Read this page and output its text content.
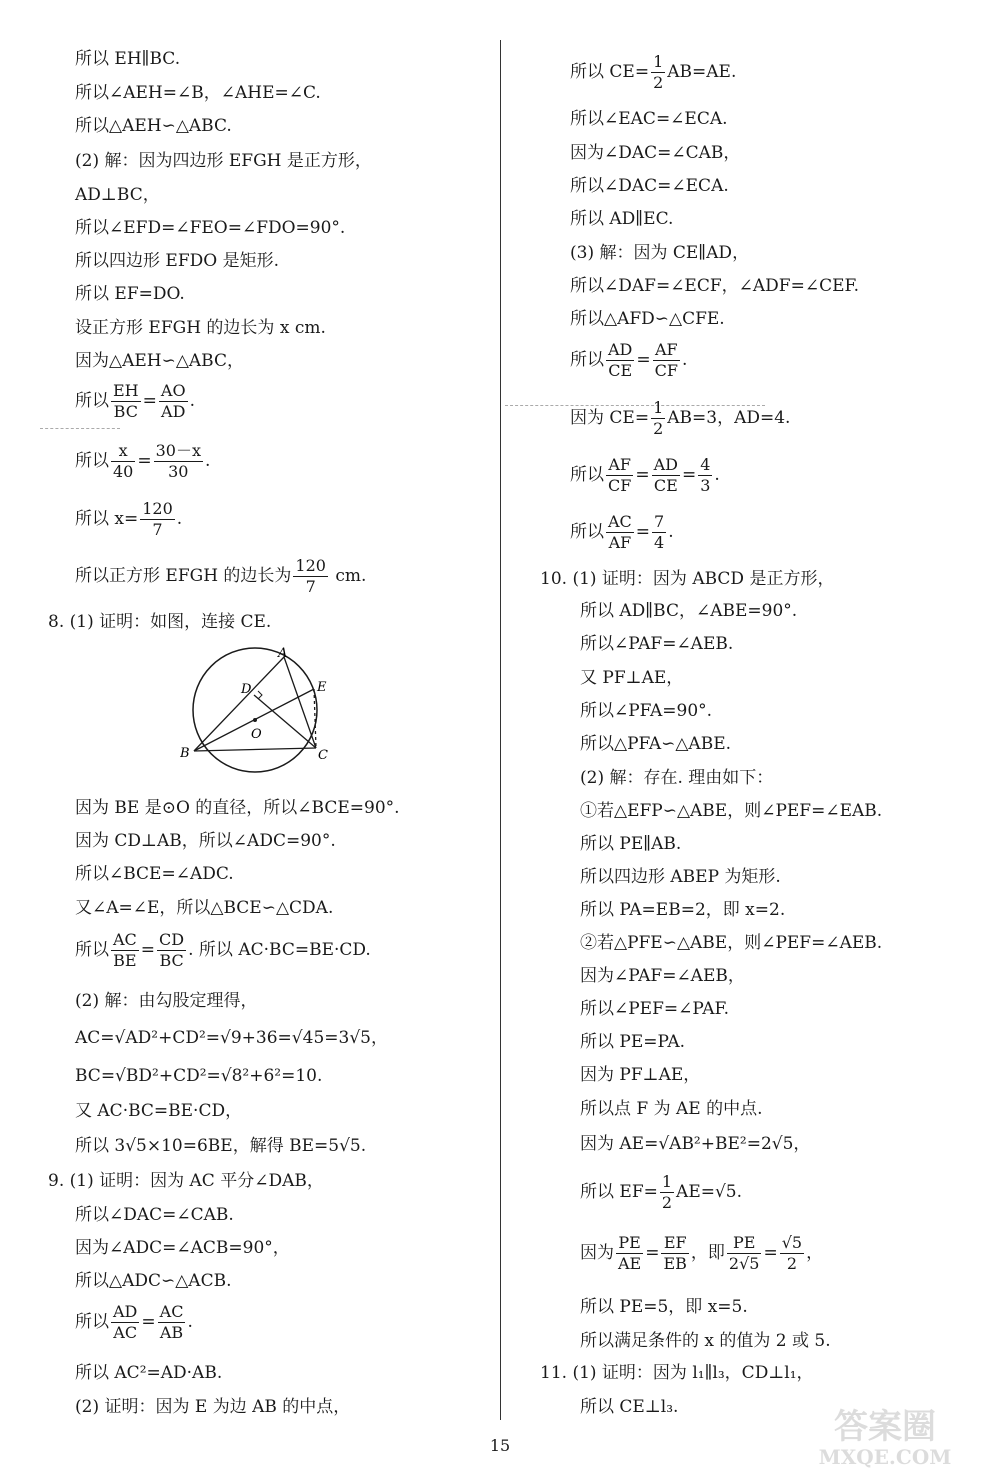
所以 EH∥BC.
所以∠AEH=∠B，∠AHE=∠C.
所以△AEH∽△ABC.
(2) 解：因为四边形 EFGH 是正方形，
AD⊥BC，
所以∠EFD=∠FEO=∠FDO=90°.
所以四边形 EFDO 是矩形.
所以 EF=DO.
设正方形 EFGH 的边长为 x cm.
因为△AEH∽△ABC，
所以 $\frac{EH}{BC} = \frac{AO}{AD}$ .
所以 $\frac{x}{40} = \frac{30-x}{30}$ .
所以 $x= \frac{120}{7}$ .
所以正方形 EFGH 的边长为 $\frac{120}{7}$ cm.
8. (1) 证明：如图，连接 CE.
A
B	C
D	E
O
因为 BE 是⊙O 的直径，所以∠BCE=90°.
因为 CD⊥AB，所以∠ADC=90°.
所以∠BCE=∠ADC.
又∠A=∠E，所以△BCE∽△CDA.
所以 $\frac{AC}{BE} = \frac{CD}{BC}$ . 所以 AC·BC=BE·CD.
(2) 解：由勾股定理得，
AC=√AD²+CD²=√9+36=√45=3√5，
BC=√BD²+CD²=√8²+6²=10.
又 AC·BC=BE·CD，
所以 3√5×10=6BE，解得 BE=5√5.
9. (1) 证明：因为 AC 平分∠DAB，
所以∠DAC=∠CAB.
因为∠ADC=∠ACB=90°，
所以△ADC∽△ACB.
所以 $\frac{AD}{AC} = \frac{AC}{AB}$ .
所以 AC²=AD·AB.
(2) 证明：因为 E 为边 AB 的中点，
所以 $CE= \frac{1}{2} AB=AE$.
所以∠EAC=∠ECA.
因为∠DAC=∠CAB，
所以∠DAC=∠ECA.
所以 AD∥EC.
(3) 解：因为 CE∥AD，
所以∠DAF=∠ECF，∠ADF=∠CEF.
所以△AFD∽△CFE.
所以 $\frac{AD}{CE} = \frac{AF}{CF}$ .
因为 $CE= \frac{1}{2} AB=3$，AD=4.
所以 $\frac{AF}{CF} = \frac{AD}{CE} = \frac{4}{3}$ .
所以 $\frac{AC}{AF} = \frac{7}{4}$ .
10. (1) 证明：因为 ABCD 是正方形，
所以 AD∥BC，∠ABE=90°.
所以∠PAF=∠AEB.
又 PF⊥AE，
所以∠PFA=90°.
所以△PFA∽△ABE.
(2) 解：存在. 理由如下：
①若△EFP∽△ABE，则∠PEF=∠EAB.
所以 PE∥AB.
所以四边形 ABEP 为矩形.
所以 PA=EB=2，即 x=2.
②若△PFE∽△ABE，则∠PEF=∠AEB.
因为∠PAF=∠AEB，
所以∠PEF=∠PAF.
所以 PE=PA.
因为 PF⊥AE，
所以点 F 为 AE 的中点.
因为 AE=√AB²+BE²=2√5，
所以 $EF= \frac{1}{2} AE=√5$.
因为 $\frac{PE}{AE} = \frac{EF}{EB}$ ，即 $\frac{PE}{2√5} = \frac{√5}{2}$ ，
所以 PE=5，即 x=5.
所以满足条件的 x 的值为 2 或 5.
11. (1) 证明：因为 l₁∥l₃，CD⊥l₁，
所以 CE⊥l₃.
15	答案圈
MXQE.COM
